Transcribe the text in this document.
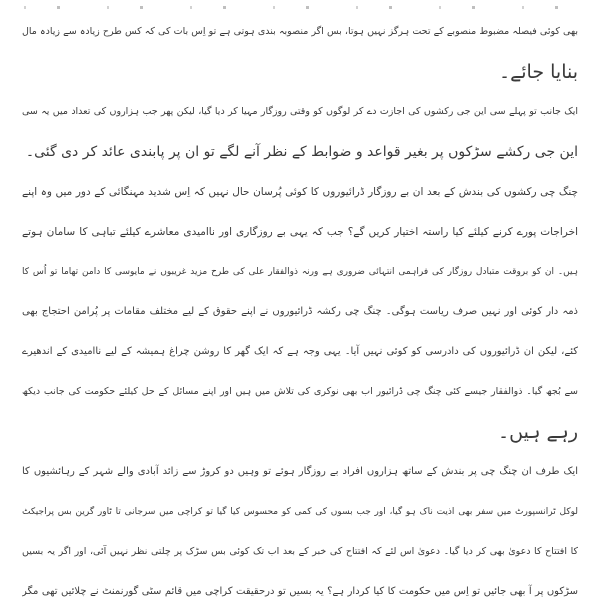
بھی کوئی فیصلہ مضبوط منصوبے کے تحت ہرگز نہیں ہوتا، بس اگر منصوبہ بندی ہوتی ہے تو اِس بات کی کہ کس طرح زیادہ سے زیادہ مال
بنایا جائے۔
ایک جانب تو پہلے سی این جی رکشوں کی اجازت دے کر لوگوں کو وقتی روزگار مہیا کر دیا گیا، لیکن پھر جب ہزاروں کی تعداد میں یہ سی
این جی رکشے سڑکوں پر بغیر قواعد و ضوابط کے نظر آنے لگے تو ان پر پابندی عائد کر دی گئی۔
چنگ چی رکشوں کی بندش کے بعد ان بے روزگار ڈرائیوروں کا کوئی پُرسان حال نہیں کہ اِس شدید مہنگائی کے دور میں وہ اپنے
اخراجات پورے کرنے کیلئے کیا راستہ اختیار کریں گے؟ جب کہ یہی بے روزگاری اور ناامیدی معاشرے کیلئے تباہی کا سامان ہوتے
ہیں۔ ان کو بروقت متبادل روزگار کی فراہمی انتہائی ضروری ہے ورنہ ذوالفقار علی کی طرح مزید غریبوں نے مایوسی کا دامن تھاما تو اُس کا
ذمہ دار کوئی اور نہیں صرف ریاست ہوگی۔ چنگ چی رکشہ ڈرائیوروں نے اپنے حقوق کے لیے مختلف مقامات پر پُرامن احتجاج بھی
کئے، لیکن ان ڈرائیوروں کی دادرسی کو کوئی نہیں آیا۔ یہی وجہ ہے کہ ایک گھر کا روشن چراغ ہمیشہ کے لیے ناامیدی کے اندھیرے
سے بُجھ گیا۔ ذوالفقار جیسے کئی چنگ چی ڈرائیور اب بھی نوکری کی تلاش میں ہیں اور اپنے مسائل کے حل کیلئے حکومت کی جانب دیکھ
رہے ہیں۔
ایک طرف ان چنگ چی پر بندش کے ساتھ ہزاروں افراد بے روزگار ہوئے تو وہیں دو کروڑ سے زائد آبادی والے شہر کے رہائشیوں کا
لوکل ٹرانسپورٹ میں سفر بھی اذیت ناک ہو گیا، اور جب بسوں کی کمی کو محسوس کیا گیا تو کراچی میں سرجانی تا ٹاور گرین بس پراجیکٹ
کا افتتاح کا دعویٰ بھی کر دیا گیا۔ دعویٰ اس لئے کہ افتتاح کی خبر کے بعد اب تک کوئی بس سڑک پر چلتی نظر نہیں آئی، اور اگر یہ بسیں
سڑکوں پر آ بھی جائیں تو اِس میں حکومت کا کیا کردار ہے؟ یہ بسیں تو درحقیقت کراچی میں قائم سٹی گورنمنٹ نے چلائیں تھی مگر
